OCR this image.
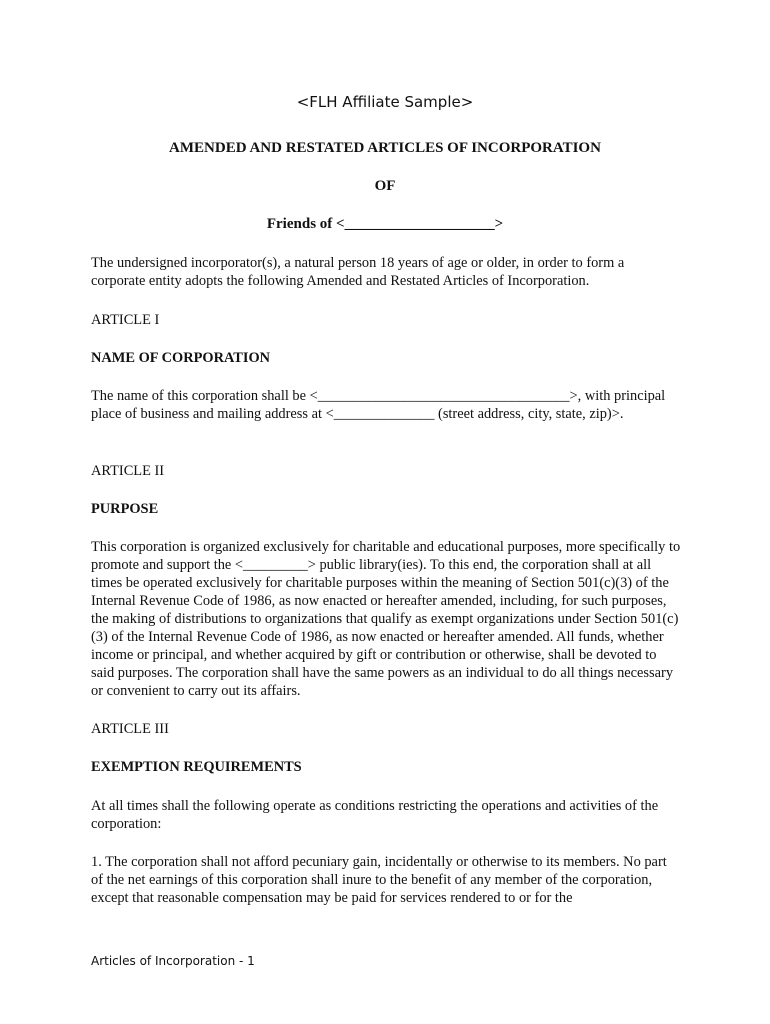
<FLH Affiliate Sample>
AMENDED AND RESTATED ARTICLES OF INCORPORATION
OF
Friends of <____________________>

The undersigned incorporator(s), a natural person 18 years of age or older, in order to form a corporate entity adopts the following Amended and Restated Articles of Incorporation.

ARTICLE I

NAME OF CORPORATION

The name of this corporation shall be <___________________________________>, with principal place of business and mailing address at <______________ (street address, city, state, zip)>.

ARTICLE II

PURPOSE

This corporation is organized exclusively for charitable and educational purposes, more specifically to promote and support the <_________> public library(ies). To this end, the corporation shall at all times be operated exclusively for charitable purposes within the meaning of Section 501(c)(3) of the Internal Revenue Code of 1986, as now enacted or hereafter amended, including, for such purposes, the making of distributions to organizations that qualify as exempt organizations under Section 501(c)(3) of the Internal Revenue Code of 1986, as now enacted or hereafter amended. All funds, whether income or principal, and whether acquired by gift or contribution or otherwise, shall be devoted to said purposes. The corporation shall have the same powers as an individual to do all things necessary or convenient to carry out its affairs.

ARTICLE III

EXEMPTION REQUIREMENTS

At all times shall the following operate as conditions restricting the operations and activities of the corporation:

1. The corporation shall not afford pecuniary gain, incidentally or otherwise to its members. No part of the net earnings of this corporation shall inure to the benefit of any member of the corporation, except that reasonable compensation may be paid for services rendered to or for the

Articles of Incorporation - 1
